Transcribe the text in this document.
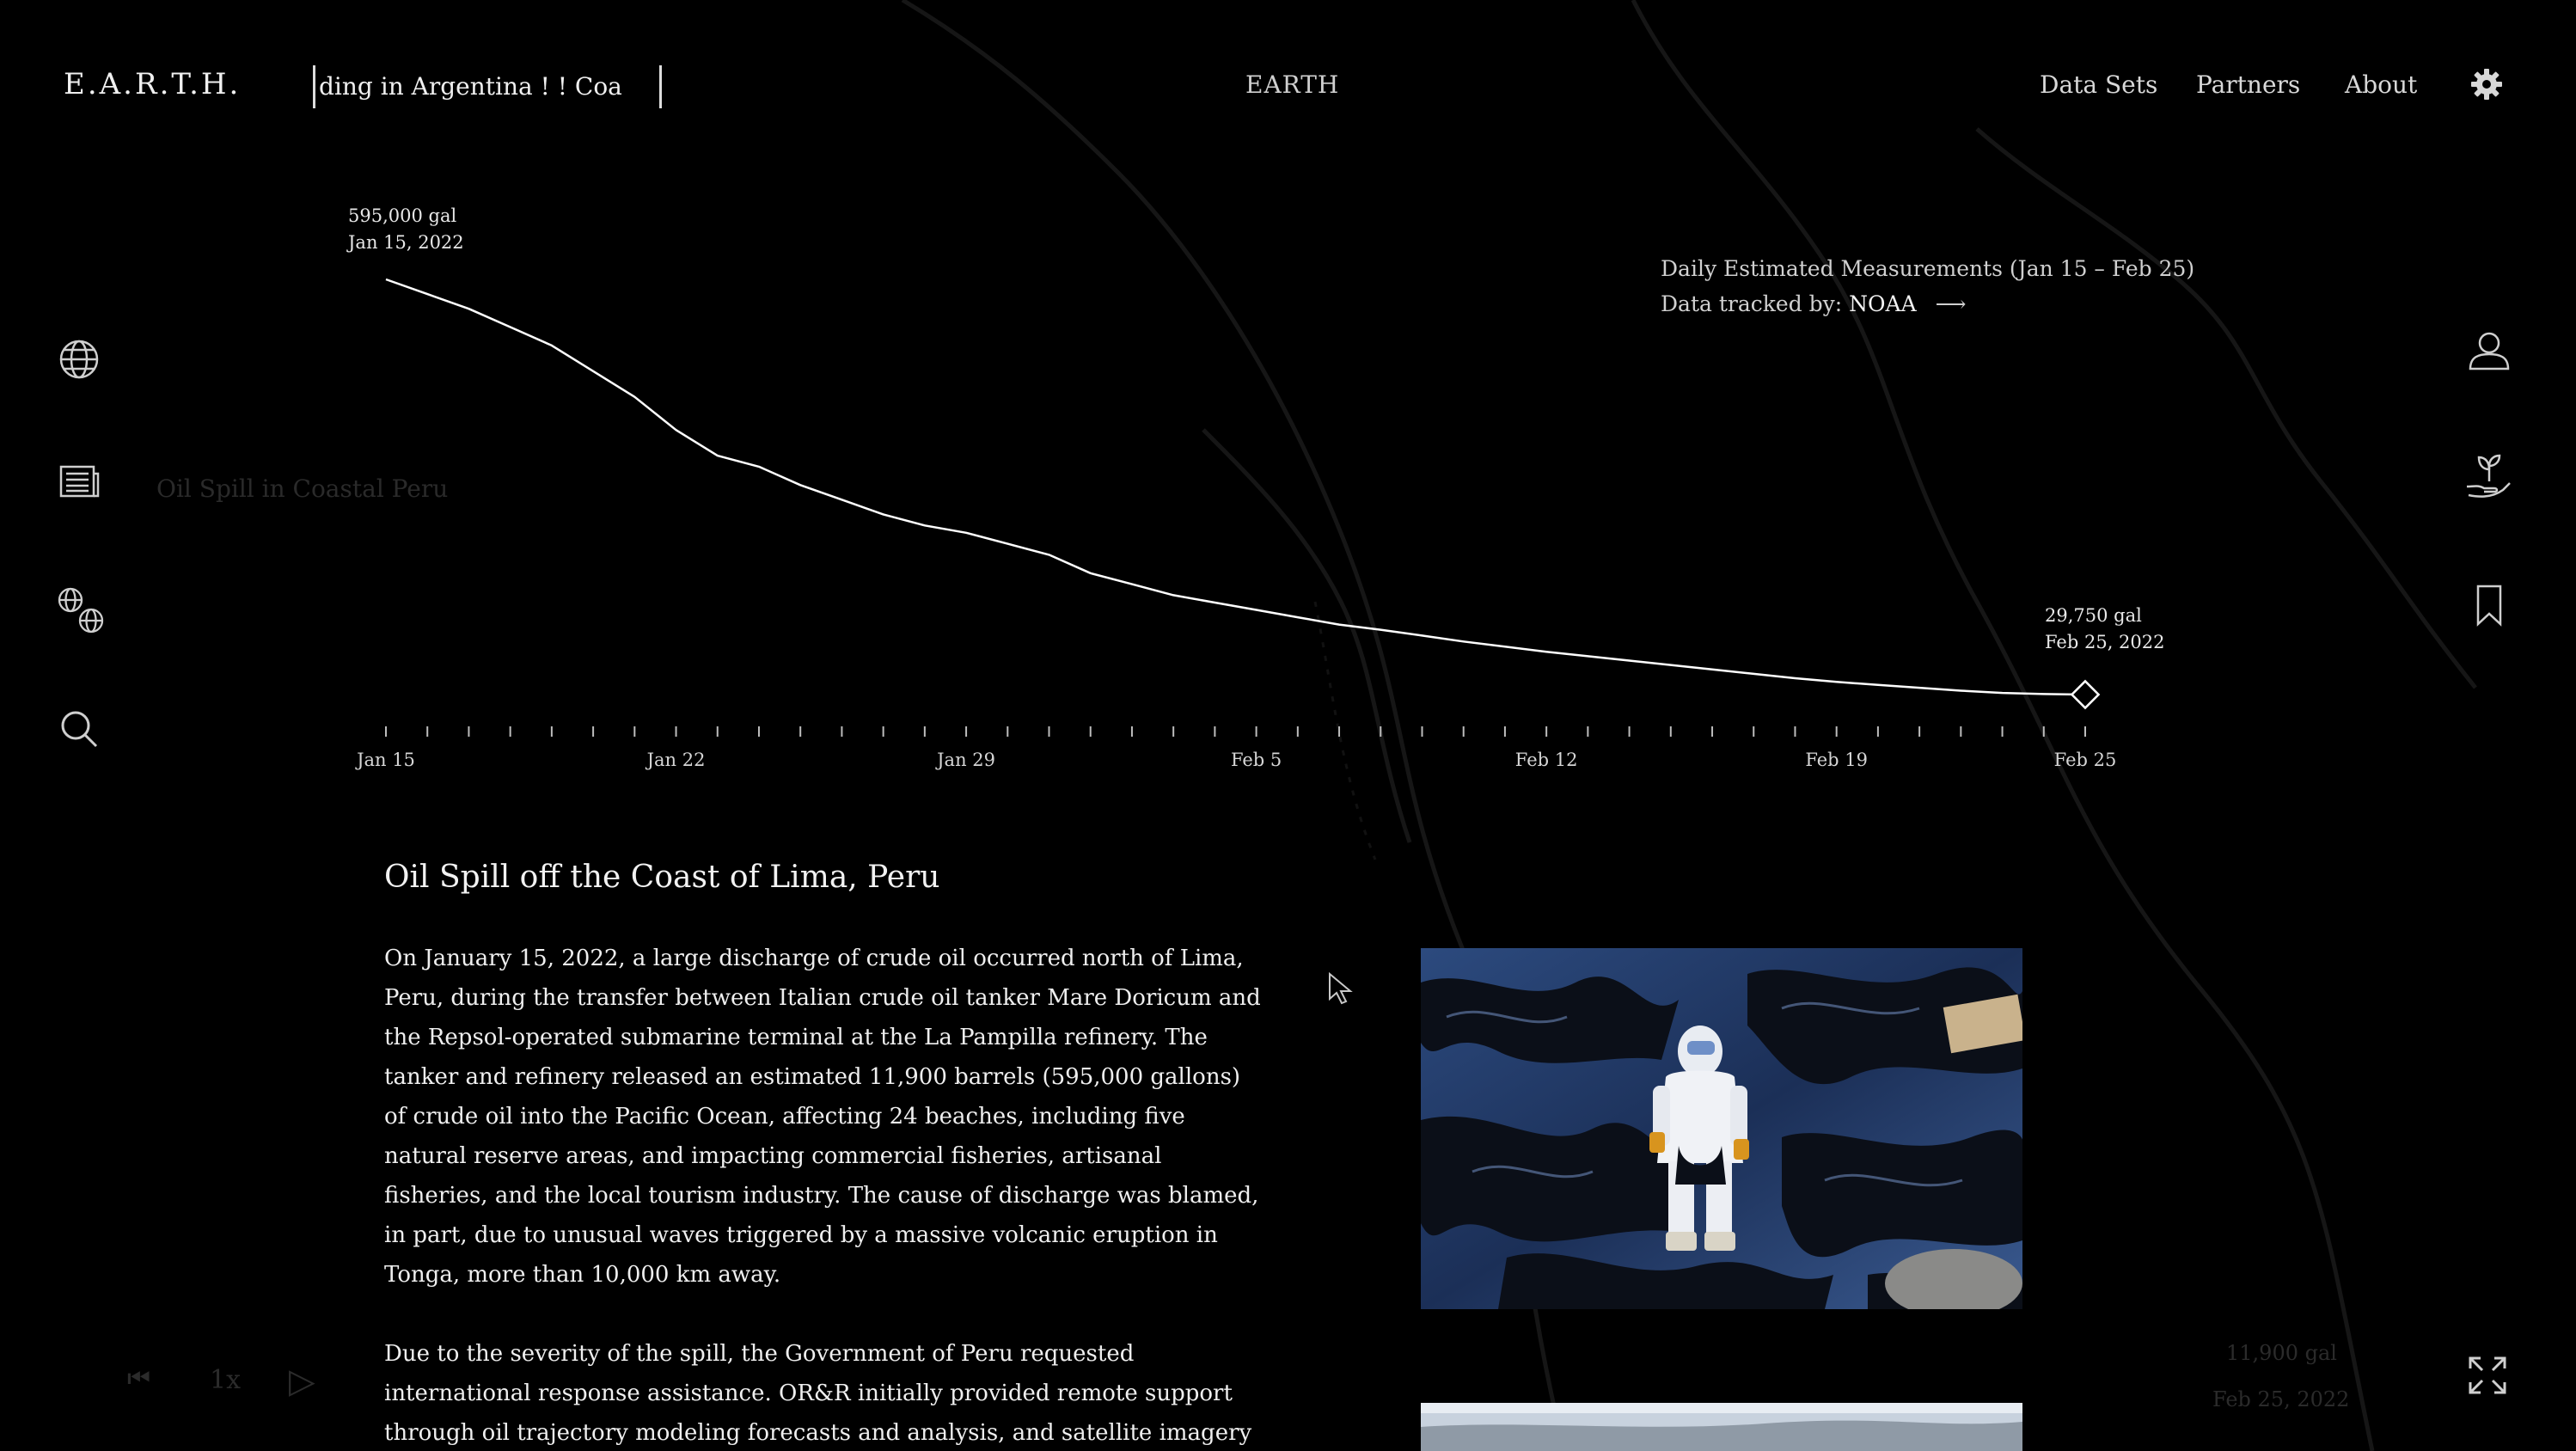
E.A.R.T.H.	ding in Argentina ! ! Coa	EARTH	Data Sets Partners About
Oil Spill in Coastal Peru
Jan 15	Jan 22	Jan 29	Feb 5	Feb 12	Feb 19	Feb 25
595,000 gal
Jan 15, 2022
29,750 gal
Feb 25, 2022
Daily Estimated Measurements (Jan 15 – Feb 25)
Data tracked by: NOAA ⟶
Oil Spill off the Coast of Lima, Peru

On January 15, 2022, a large discharge of crude oil occurred north of Lima, Peru, during the transfer between Italian crude oil tanker Mare Doricum and the Repsol-operated submarine terminal at the La Pampilla refinery. The tanker and refinery released an estimated 11,900 barrels (595,000 gallons) of crude oil into the Pacific Ocean, affecting 24 beaches, including five natural reserve areas, and impacting commercial fisheries, artisanal fisheries, and the local tourism industry. The cause of discharge was blamed, in part, due to unusual waves triggered by a massive volcanic eruption in Tonga, more than 10,000 km away.

Due to the severity of the spill, the Government of Peru requested international response assistance. OR&R initially provided remote support through oil trajectory modeling forecasts and analysis, and satellite imagery

⏮ 1x ▷
11,900 gal
Feb 25, 2022
